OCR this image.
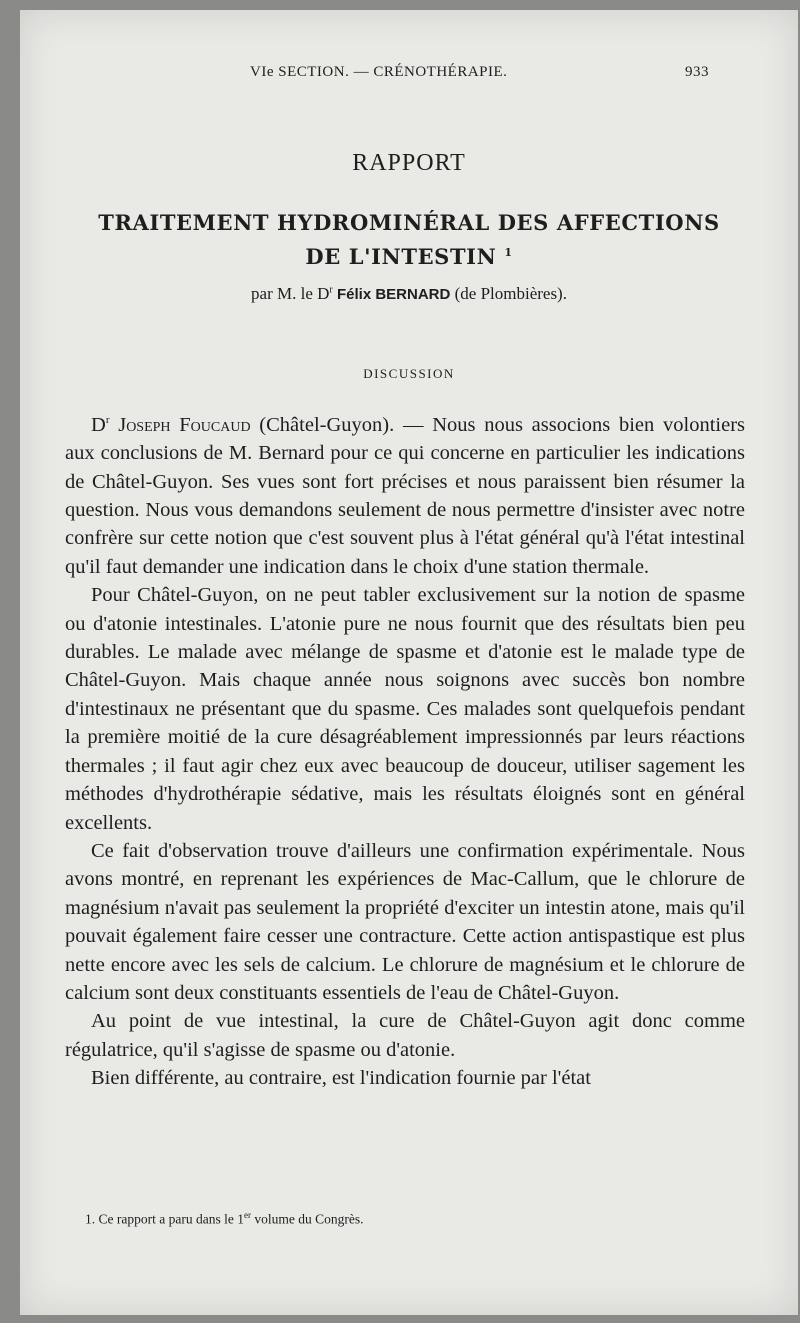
VIe SECTION. — CRÉNOTHÉRAPIE.	933
RAPPORT
TRAITEMENT HYDROMINÉRAL DES AFFECTIONS
DE L'INTESTIN $^1$
par M. le $D^r$ Félix BERNARD (de Plombières).
DISCUSSION

$D^r$ Joseph Foucaud (Châtel-Guyon). — Nous nous associons bien volontiers aux conclusions de M. Bernard pour ce qui concerne en particulier les indications de Châtel-Guyon. Ses vues sont fort précises et nous paraissent bien résumer la question. Nous vous demandons seulement de nous permettre d'insister avec notre confrère sur cette notion que c'est souvent plus à l'état général qu'à l'état intestinal qu'il faut demander une indication dans le choix d'une station thermale.

Pour Châtel-Guyon, on ne peut tabler exclusivement sur la notion de spasme ou d'atonie intestinales. L'atonie pure ne nous fournit que des résultats bien peu durables. Le malade avec mélange de spasme et d'atonie est le malade type de Châtel-Guyon. Mais chaque année nous soignons avec succès bon nombre d'intestinaux ne présentant que du spasme. Ces malades sont quelquefois pendant la première moitié de la cure désagréablement impressionnés par leurs réactions thermales ; il faut agir chez eux avec beaucoup de douceur, utiliser sagement les méthodes d'hydrothérapie sédative, mais les résultats éloignés sont en général excellents.

Ce fait d'observation trouve d'ailleurs une confirmation expérimentale. Nous avons montré, en reprenant les expériences de Mac-Callum, que le chlorure de magnésium n'avait pas seulement la propriété d'exciter un intestin atone, mais qu'il pouvait également faire cesser une contracture. Cette action antispastique est plus nette encore avec les sels de calcium. Le chlorure de magnésium et le chlorure de calcium sont deux constituants essentiels de l'eau de Châtel-Guyon.

Au point de vue intestinal, la cure de Châtel-Guyon agit donc comme régulatrice, qu'il s'agisse de spasme ou d'atonie.

Bien différente, au contraire, est l'indication fournie par l'état

1. Ce rapport a paru dans le 1er volume du Congrès.
